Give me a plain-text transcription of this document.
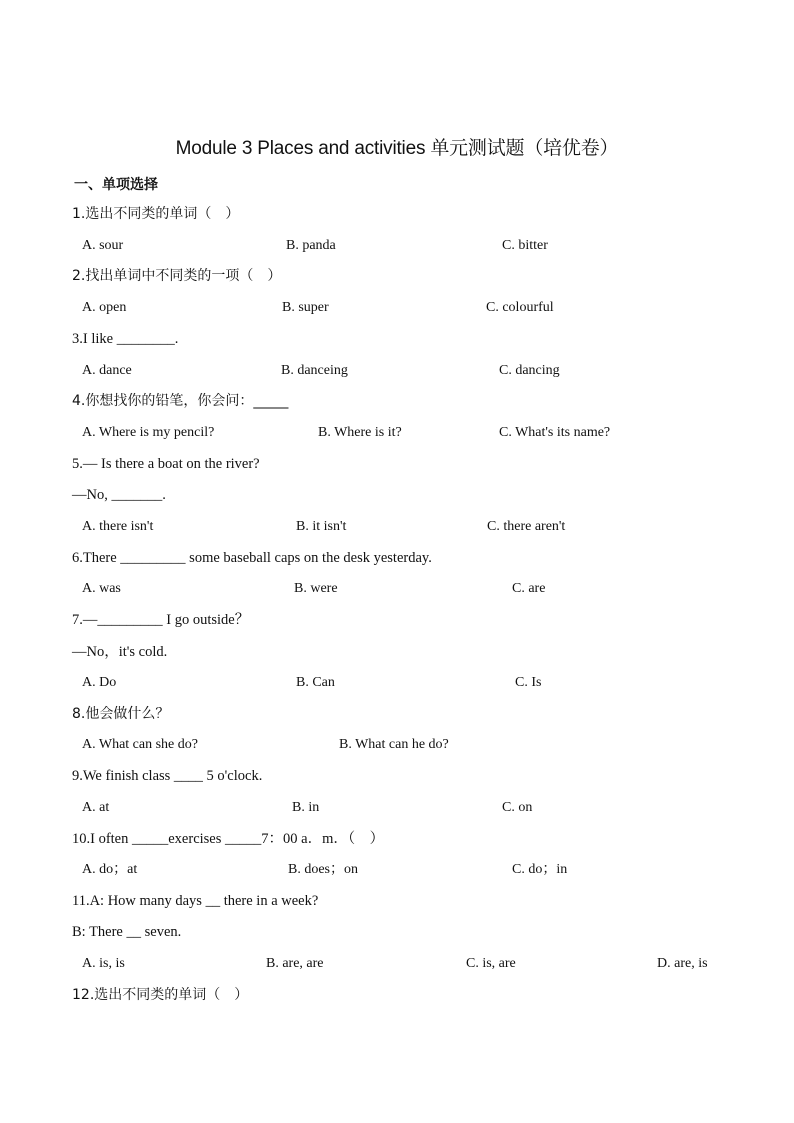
Module 3 Places and activities 单元测试题（培优卷）
一、单项选择
1.选出不同类的单词（　）
A. sour	B. panda	C. bitter
2.找出单词中不同类的一项（　）
A. open	B. super	C. colourful
3.I like ________.
A. dance	B. danceing	C. dancing
4.你想找你的铅笔，你会问：_____
A. Where is my pencil?	B. Where is it?	C. What's its name?
5.— Is there a boat on the river?
—No, _______.
A. there isn't	B. it isn't	C. there aren't
6.There _________ some baseball caps on the desk yesterday.
A. was	B. were	C. are
7.—_________ I go outside？
—No，it's cold.
A. Do	B. Can	C. Is
8.他会做什么？
A. What can she do?	B. What can he do?
9.We finish class ____ 5 o'clock.
A. at	B. in	C. on
10.I often _____exercises _____7：00 a．m．（　）
A. do；at	B. does；on	C. do；in
11.A: How many days __ there in a week?
B: There __ seven.
A. is, is	B. are, are	C. is, are	D. are, is
12.选出不同类的单词（　）
